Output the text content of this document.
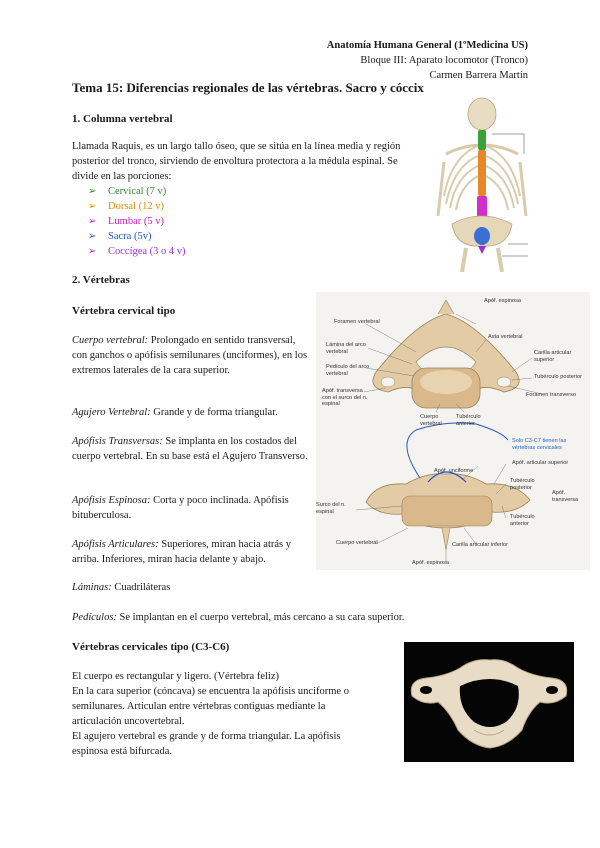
Anatomía Humana General (1ºMedicina US)
Bloque III: Aparato locomotor (Tronco)
Carmen Barrera Martín
Tema 15: Diferencias regionales de las vértebras. Sacro y cóccix
1. Columna vertebral
Llamada Raquis, es un largo tallo óseo, que se sitúa en la línea media y región posterior del tronco, sirviendo de envoltura protectora a la médula espinal. Se divide en las porciones:
➢ Cervical (7 v)
➢ Dorsal (12 v)
➢ Lumbar (5 v)
➢ Sacra (5v)
➢ Coccígea (3 o 4 v)
2. Vértebras
Vértebra cervical tipo
Cuerpo vertebral: Prolongado en sentido transversal, con ganchos o apófisis semilunares (unciformes), en los extremos laterales de la cara superior.
Agujero Vertebral: Grande y de forma triangular.
Apófisis Transversas: Se implanta en los costados del cuerpo vertebral. En su base está el Agujero Transverso.
Apófisis Espinosa: Corta y poco inclinada. Apófisis bituberculosa.
Apófisis Articulares: Superiores, miran hacia atrás y arriba. Inferiores, miran hacia delante y abajo.
Láminas: Cuadriláteras
Pedículos: Se implantan en el cuerpo vertebral, más cercano a su cara superior.
Foramen vertebral
Apóf. espinosa
Lámina del arco vertebral
Asta vertebral
Pedículo del arco vertebral
Carilla articular superior
Apóf. transversa con el surco del n. espinal
Tubérculo posterior
Foramen transverso
Cuerpo vertebral
Tubérculo anterior
Solo C3-C7 tienen las vértebras cervicales
Apóf. unciforme
Apóf. articular superior
Tubérculo posterior
Apóf. transversa
Tubérculo anterior
Surco del n. espinal
Cuerpo vertebral	Carilla articular inferior
Apóf. espinosa
Vértebras cervicales tipo (C3-C6)
El cuerpo es rectangular y ligero. (Vértebra feliz)
En la cara superior (cóncava) se encuentra la apófisis unciforme o semilunares. Articulan entre vértebras contiguas mediante la articulación uncovertebral.
El agujero vertebral es grande y de forma triangular. La apófisis espinosa está bifurcada.
